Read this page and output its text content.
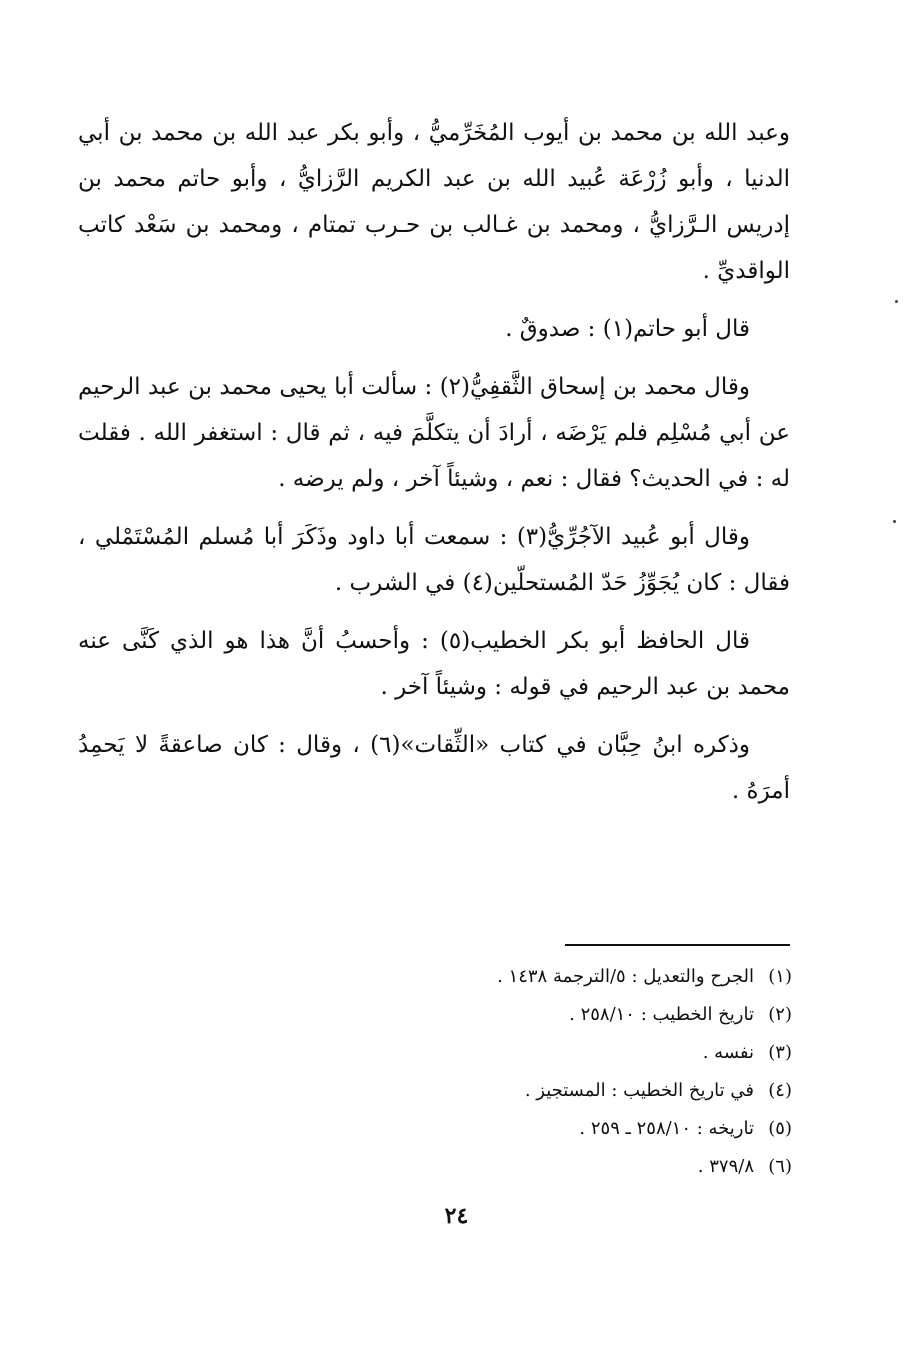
وعبد الله بن محمد بن أيوب المُخَرِّميُّ ، وأبو بكر عبد الله بن محمد بن أبي الدنيا ، وأبو زُرْعَة عُبيد الله بن عبد الكريم الرَّزايُّ ، وأبو حاتم محمد بن إدريس الـرَّزايُّ ، ومحمد بن غـالب بن حـرب تمتام ، ومحمد بن سَعْد كاتب الواقديِّ .

قال أبو حاتم(١) : صدوقٌ .

وقال محمد بن إسحاق الثَّقفِيُّ(٢) : سألت أبا يحيى محمد بن عبد الرحيم عن أبي مُسْلِم فلم يَرْضَه ، أرادَ أن يتكلَّمَ فيه ، ثم قال : استغفر الله . فقلت له : في الحديث؟ فقال : نعم ، وشيئاً آخر ، ولم يرضه .

وقال أبو عُبيد الآجُرِّيُّ(٣) : سمعت أبا داود وذَكَرَ أبا مُسلم المُسْتَمْلي ، فقال : كان يُجَوِّزُ حَدّ المُستحلّين(٤) في الشرب .

قال الحافظ أبو بكر الخطيب(٥) : وأحسبُ أنَّ هذا هو الذي كَنَّى عنه محمد بن عبد الرحيم في قوله : وشيئاً آخر .

وذكره ابنُ حِبَّان في كتاب «الثِّقات»(٦) ، وقال : كان صاعقةً لا يَحمِدُ أمرَهُ .

(١)
الجرح والتعديل : ٥/الترجمة ١٤٣٨ .
(٢)
تاريخ الخطيب : ٢٥٨/١٠ .
(٣)
نفسه .
(٤)
في تاريخ الخطيب : المستجيز .
(٥)
تاريخه : ٢٥٨/١٠ ـ ٢٥٩ .
(٦)
٣٧٩/٨ .
٢٤
